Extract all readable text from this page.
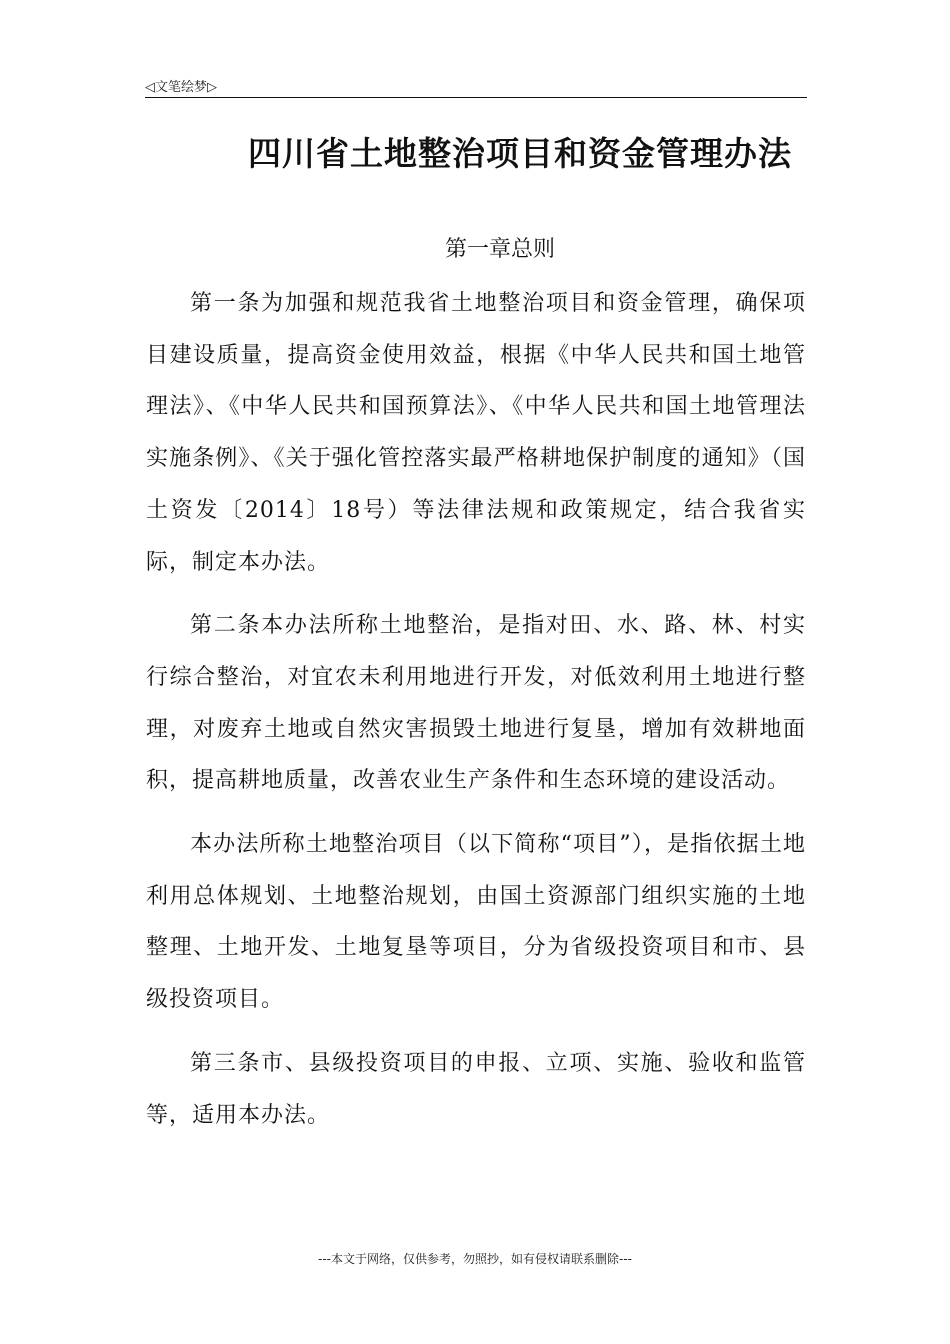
◁文笔绘梦▷
四川省土地整治项目和资金管理办法
第一章总则

第一条为加强和规范我省土地整治项目和资金管理，确保项目建设质量，提高资金使用效益，根据《中华人民共和国土地管理法》、《中华人民共和国预算法》、《中华人民共和国土地管理法实施条例》、《关于强化管控落实最严格耕地保护制度的通知》（国土资发〔2014〕18号）等法律法规和政策规定，结合我省实际，制定本办法。

第二条本办法所称土地整治，是指对田、水、路、林、村实行综合整治，对宜农未利用地进行开发，对低效利用土地进行整理，对废弃土地或自然灾害损毁土地进行复垦，增加有效耕地面积，提高耕地质量，改善农业生产条件和生态环境的建设活动。

本办法所称土地整治项目（以下简称“项目”），是指依据土地利用总体规划、土地整治规划，由国土资源部门组织实施的土地整理、土地开发、土地复垦等项目，分为省级投资项目和市、县级投资项目。

第三条市、县级投资项目的申报、立项、实施、验收和监管等，适用本办法。

---本文于网络，仅供参考，勿照抄，如有侵权请联系删除---
